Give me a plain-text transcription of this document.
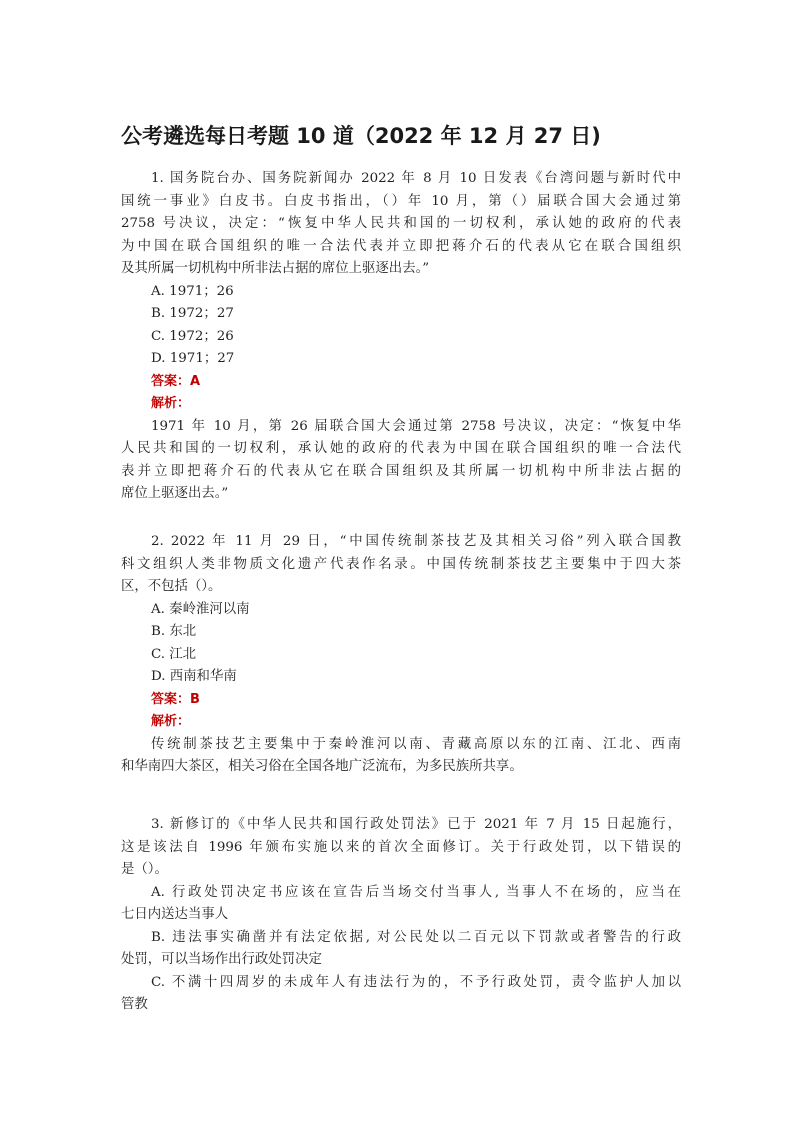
公考遴选每日考题 10 道（2022 年 12 月 27 日)
1. 国务院台办、国务院新闻办 2022 年 8 月 10 日发表《台湾问题与新时代中
国统一事业》白皮书。白皮书指出，（）年 10 月，第（）届联合国大会通过第
2758 号决议，决定：“恢复中华人民共和国的一切权利，承认她的政府的代表
为中国在联合国组织的唯一合法代表并立即把蒋介石的代表从它在联合国组织
及其所属一切机构中所非法占据的席位上驱逐出去。”
A. 1971；26
B. 1972；27
C. 1972；26
D. 1971；27
答案：A
解析：
1971 年 10 月，第 26 届联合国大会通过第 2758 号决议，决定：“恢复中华
人民共和国的一切权利，承认她的政府的代表为中国在联合国组织的唯一合法代
表并立即把蒋介石的代表从它在联合国组织及其所属一切机构中所非法占据的
席位上驱逐出去。”
2. 2022 年 11 月 29 日，“中国传统制茶技艺及其相关习俗”列入联合国教
科文组织人类非物质文化遗产代表作名录。中国传统制茶技艺主要集中于四大茶
区，不包括（）。
A. 秦岭淮河以南
B. 东北
C. 江北
D. 西南和华南
答案：B
解析：
传统制茶技艺主要集中于秦岭淮河以南、青藏高原以东的江南、江北、西南
和华南四大茶区，相关习俗在全国各地广泛流布，为多民族所共享。
3. 新修订的《中华人民共和国行政处罚法》已于 2021 年 7 月 15 日起施行，
这是该法自 1996 年颁布实施以来的首次全面修订。关于行政处罚，以下错误的
是（）。
A. 行政处罚决定书应该在宣告后当场交付当事人, 当事人不在场的，应当在
七日内送达当事人
B. 违法事实确凿并有法定依据, 对公民处以二百元以下罚款或者警告的行政
处罚，可以当场作出行政处罚决定
C. 不满十四周岁的未成年人有违法行为的，不予行政处罚，责令监护人加以
管教
